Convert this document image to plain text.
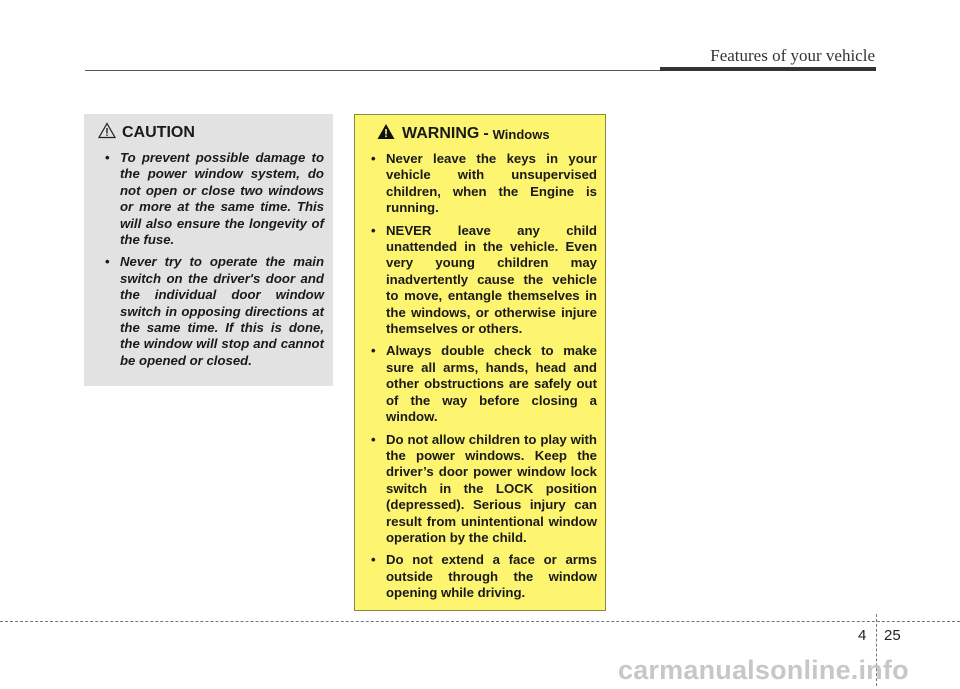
Features of your vehicle
CAUTION
• To prevent possible damage to the power window system, do not open or close two windows or more at the same time. This will also ensure the longevity of the fuse.
• Never try to operate the main switch on the driver's door and the individual door window switch in opposing directions at the same time. If this is done, the window will stop and cannot be opened or closed.
WARNING - Windows
• Never leave the keys in your vehicle with unsupervised children, when the Engine is running.
• NEVER leave any child unattended in the vehicle. Even very young children may inadvertently cause the vehicle to move, entangle themselves in the windows, or otherwise injure themselves or others.
• Always double check to make sure all arms, hands, head and other obstructions are safely out of the way before closing a window.
• Do not allow children to play with the power windows. Keep the driver’s door power window lock switch in the LOCK position (depressed). Serious injury can result from unintentional window operation by the child.
• Do not extend a face or arms outside through the window opening while driving.
4 25
carmanualsonline.info
